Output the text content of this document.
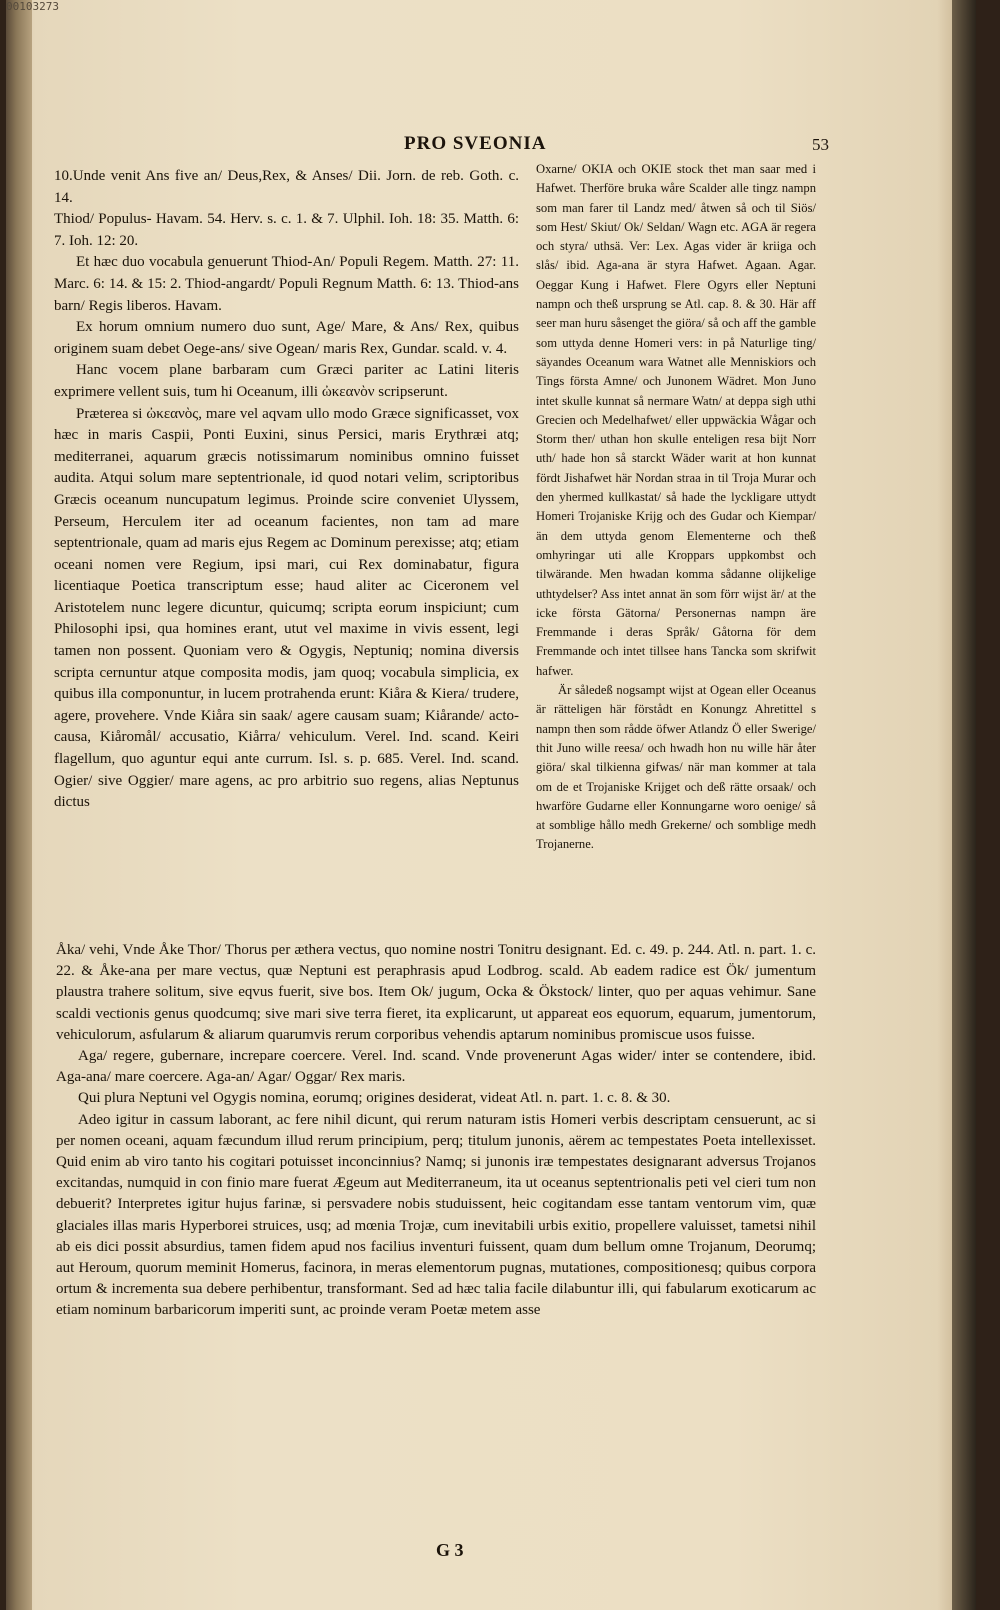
00103273
PRO SVEONIA	53

10.Unde venit Ans five an/ Deus,Rex, & Anses/ Dii. Jorn. de reb. Goth. c. 14.

Thiod/ Populus- Havam. 54. Herv. s. c. 1. & 7. Ulphil. Ioh. 18: 35. Matth. 6: 7. Ioh. 12: 20.

Et hæc duo vocabula genuerunt Thiod-An/ Populi Regem. Matth. 27: 11. Marc. 6: 14. & 15: 2. Thiod-angardt/ Populi Regnum Matth. 6: 13. Thiod-ans barn/ Regis liberos. Havam.

Ex horum omnium numero duo sunt, Age/ Mare, & Ans/ Rex, quibus originem suam debet Oege-ans/ sive Ogean/ maris Rex, Gundar. scald. v. 4.

Hanc vocem plane barbaram cum Græci pariter ac Latini literis exprimere vellent suis, tum hi Oceanum, illi ὠκεανὸν scripserunt.

Præterea si ὠκεανὸς, mare vel aqvam ullo modo Græce significasset, vox hæc in maris Caspii, Ponti Euxini, sinus Persici, maris Erythræi atq; mediterranei, aquarum græcis notissimarum nominibus omnino fuisset audita. Atqui solum mare septentrionale, id quod notari velim, scriptoribus Græcis oceanum nuncupatum legimus. Proinde scire conveniet Ulyssem, Perseum, Herculem iter ad oceanum facientes, non tam ad mare septentrionale, quam ad maris ejus Regem ac Dominum perexisse; atq; etiam oceani nomen vere Regium, ipsi mari, cui Rex dominabatur, figura licentiaque Poetica transcriptum esse; haud aliter ac Ciceronem vel Aristotelem nunc legere dicuntur, quicumq; scripta eorum inspiciunt; cum Philosophi ipsi, qua homines erant, utut vel maxime in vivis essent, legi tamen non possent. Quoniam vero & Ogygis, Neptuniq; nomina diversis scripta cernuntur atque composita modis, jam quoq; vocabula simplicia, ex quibus illa componuntur, in lucem protrahenda erunt: Kiåra & Kiera/ trudere, agere, provehere. Vnde Kiåra sin saak/ agere causam suam; Kiårande/ acto-causa, Kiåromål/ accusatio, Kiårra/ vehiculum. Verel. Ind. scand. Keiri flagellum, quo aguntur equi ante currum. Isl. s. p. 685. Verel. Ind. scand. Ogier/ sive Oggier/ mare agens, ac pro arbitrio suo regens, alias Neptunus dictus

Oxarne/ OKIA och OKIE stock thet man saar med i Hafwet. Therföre bruka wåre Scalder alle tingz nampn som man farer til Landz med/ åtwen så och til Siös/ som Hest/ Skiut/ Ok/ Seldan/ Wagn etc. AGA är regera och styra/ uthsä. Ver: Lex. Agas vider är kriiga och slås/ ibid. Aga-ana är styra Hafwet. Agaan. Agar. Oeggar Kung i Hafwet. Flere Ogyrs eller Neptuni nampn och theß ursprung se Atl. cap. 8. & 30. Här aff seer man huru såsenget the giöra/ så och aff the gamble som uttyda denne Homeri vers: in på Naturlige ting/ säyandes Oceanum wara Watnet alle Menniskiors och Tings första Amne/ och Junonem Wädret. Mon Juno intet skulle kunnat så nermare Watn/ at deppa sigh uthi Grecien och Medelhafwet/ eller uppwäckia Wågar och Storm ther/ uthan hon skulle enteligen resa bijt Norr uth/ hade hon så starckt Wäder warit at hon kunnat fördt Jishafwet här Nordan straa in til Troja Murar och den yhermed kullkastat/ så hade the lyckligare uttydt Homeri Trojaniske Krijg och des Gudar och Kiempar/ än dem uttyda genom Elementerne och theß omhyringar uti alle Kroppars uppkombst och tilwärande. Men hwadan komma sådanne olijkelige uthtydelser? Ass intet annat än som förr wijst är/ at the icke första Gätorna/ Personernas nampn äre Fremmande i deras Språk/ Gåtorna för dem Fremmande och intet tillsee hans Tancka som skrifwit hafwer.

Är såledeß nogsampt wijst at Ogean eller Oceanus är rätteligen här förstådt en Konungz Ahretittel s nampn then som rådde öfwer Atlandz Ö eller Swerige/ thit Juno wille reesa/ och hwadh hon nu wille här åter giöra/ skal tilkienna gifwas/ när man kommer at tala om de et Trojaniske Krijget och deß rätte orsaak/ och hwarföre Gudarne eller Konnungarne woro oenige/ så at somblige hållo medh Grekerne/ och somblige medh Trojanerne.

Åka/ vehi, Vnde Åke Thor/ Thorus per æthera vectus, quo nomine nostri Tonitru designant. Ed. c. 49. p. 244. Atl. n. part. 1. c. 22. & Åke-ana per mare vectus, quæ Neptuni est peraphrasis apud Lodbrog. scald. Ab eadem radice est Ök/ jumentum plaustra trahere solitum, sive eqvus fuerit, sive bos. Item Ok/ jugum, Ocka & Ökstock/ linter, quo per aquas vehimur. Sane scaldi vectionis genus quodcumq; sive mari sive terra fieret, ita explicarunt, ut appareat eos equorum, equarum, jumentorum, vehiculorum, asfularum & aliarum quarumvis rerum corporibus vehendis aptarum nominibus promiscue usos fuisse.

Aga/ regere, gubernare, increpare coercere. Verel. Ind. scand. Vnde provenerunt Agas wider/ inter se contendere, ibid. Aga-ana/ mare coercere. Aga-an/ Agar/ Oggar/ Rex maris.

Qui plura Neptuni vel Ogygis nomina, eorumq; origines desiderat, videat Atl. n. part. 1. c. 8. & 30.

Adeo igitur in cassum laborant, ac fere nihil dicunt, qui rerum naturam istis Homeri verbis descriptam censuerunt, ac si per nomen oceani, aquam fæcundum illud rerum principium, perq; titulum junonis, aërem ac tempestates Poeta intellexisset. Quid enim ab viro tanto his cogitari potuisset inconcinnius? Namq; si junonis iræ tempestates designarant adversus Trojanos excitandas, numquid in con finio mare fuerat Ægeum aut Mediterraneum, ita ut oceanus septentrionalis peti vel cieri tum non debuerit? Interpretes igitur hujus farinæ, si persvadere nobis studuissent, heic cogitandam esse tantam ventorum vim, quæ glaciales illas maris Hyperborei struices, usq; ad mœnia Trojæ, cum inevitabili urbis exitio, propellere valuisset, tametsi nihil ab eis dici possit absurdius, tamen fidem apud nos facilius inventuri fuissent, quam dum bellum omne Trojanum, Deorumq; aut Heroum, quorum meminit Homerus, facinora, in meras elementorum pugnas, mutationes, compositionesq; quibus corpora ortum & incrementa sua debere perhibentur, transformant. Sed ad hæc talia facile dilabuntur illi, qui fabularum exoticarum ac etiam nominum barbaricorum imperiti sunt, ac proinde veram Poetæ metem asse

G 3
